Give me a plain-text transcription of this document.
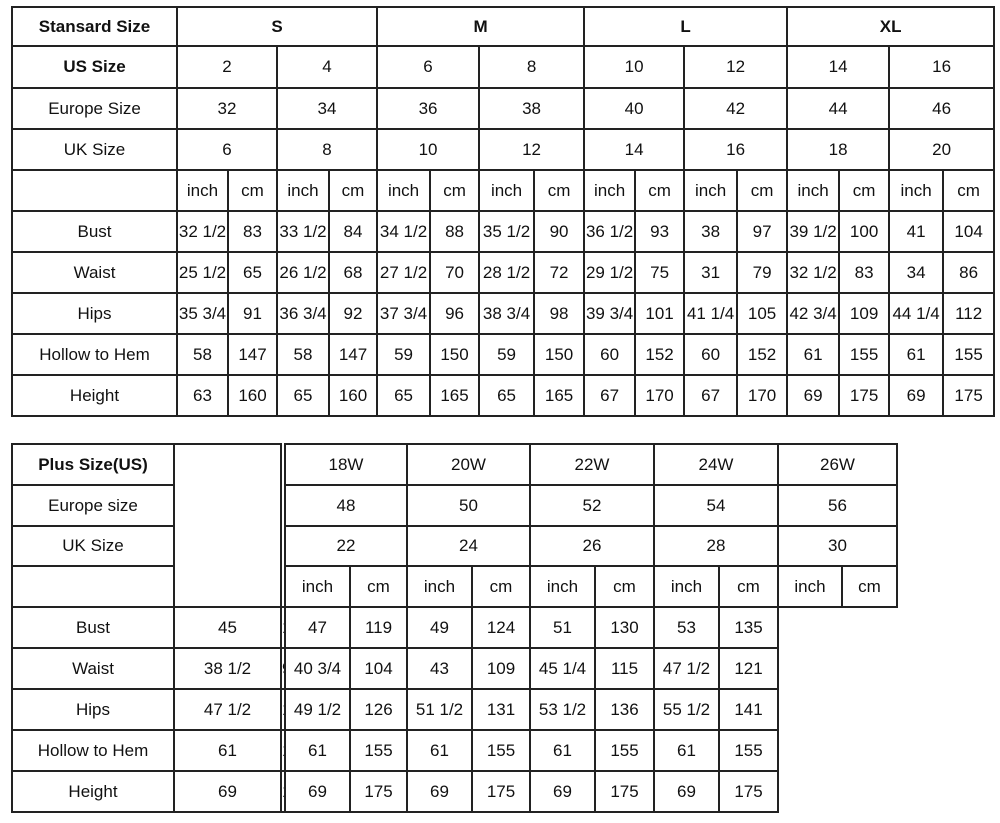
Stansard Size	S				M				L				XL			
US Size	2		4		6		8		10		12		14		16	
Europe Size	32		34		36		38		40		42		44		46	
UK Size	6		8		10		12		14		16		18		20	
	inch	cm	inch	cm	inch	cm	inch	cm	inch	cm	inch	cm	inch	cm	inch	cm
Bust	32 1/2	83	33 1/2	84	34 1/2	88	35 1/2	90	36 1/2	93	38	97	39 1/2	100	41	104
Waist	25 1/2	65	26 1/2	68	27 1/2	70	28 1/2	72	29 1/2	75	31	79	32 1/2	83	34	86
Hips	35 3/4	91	36 3/4	92	37 3/4	96	38 3/4	98	39 3/4	101	41 1/4	105	42 3/4	109	44 1/4	112
Hollow to Hem	58	147	58	147	59	150	59	150	60	152	60	152	61	155	61	155
Height	63	160	65	160	65	165	65	165	67	170	67	170	69	175	69	175
Plus Size(US)			18W		20W		22W		24W		26W	
Europe size			48		50		52		54		56	
UK Size			22		24		26		28		30	
			inch	cm	inch	cm	inch	cm	inch	cm	inch	cm
Bust	45		47	119	49	124	51	130	53	135		
Waist	38 1/2		40 3/4	104	43	109	45 1/4	115	47 1/2	121		
Hips	47 1/2		49 1/2	126	51 1/2	131	53 1/2	136	55 1/2	141		
Hollow to Hem	61		61	155	61	155	61	155	61	155		
Height	69		69	175	69	175	69	175	69	175		
